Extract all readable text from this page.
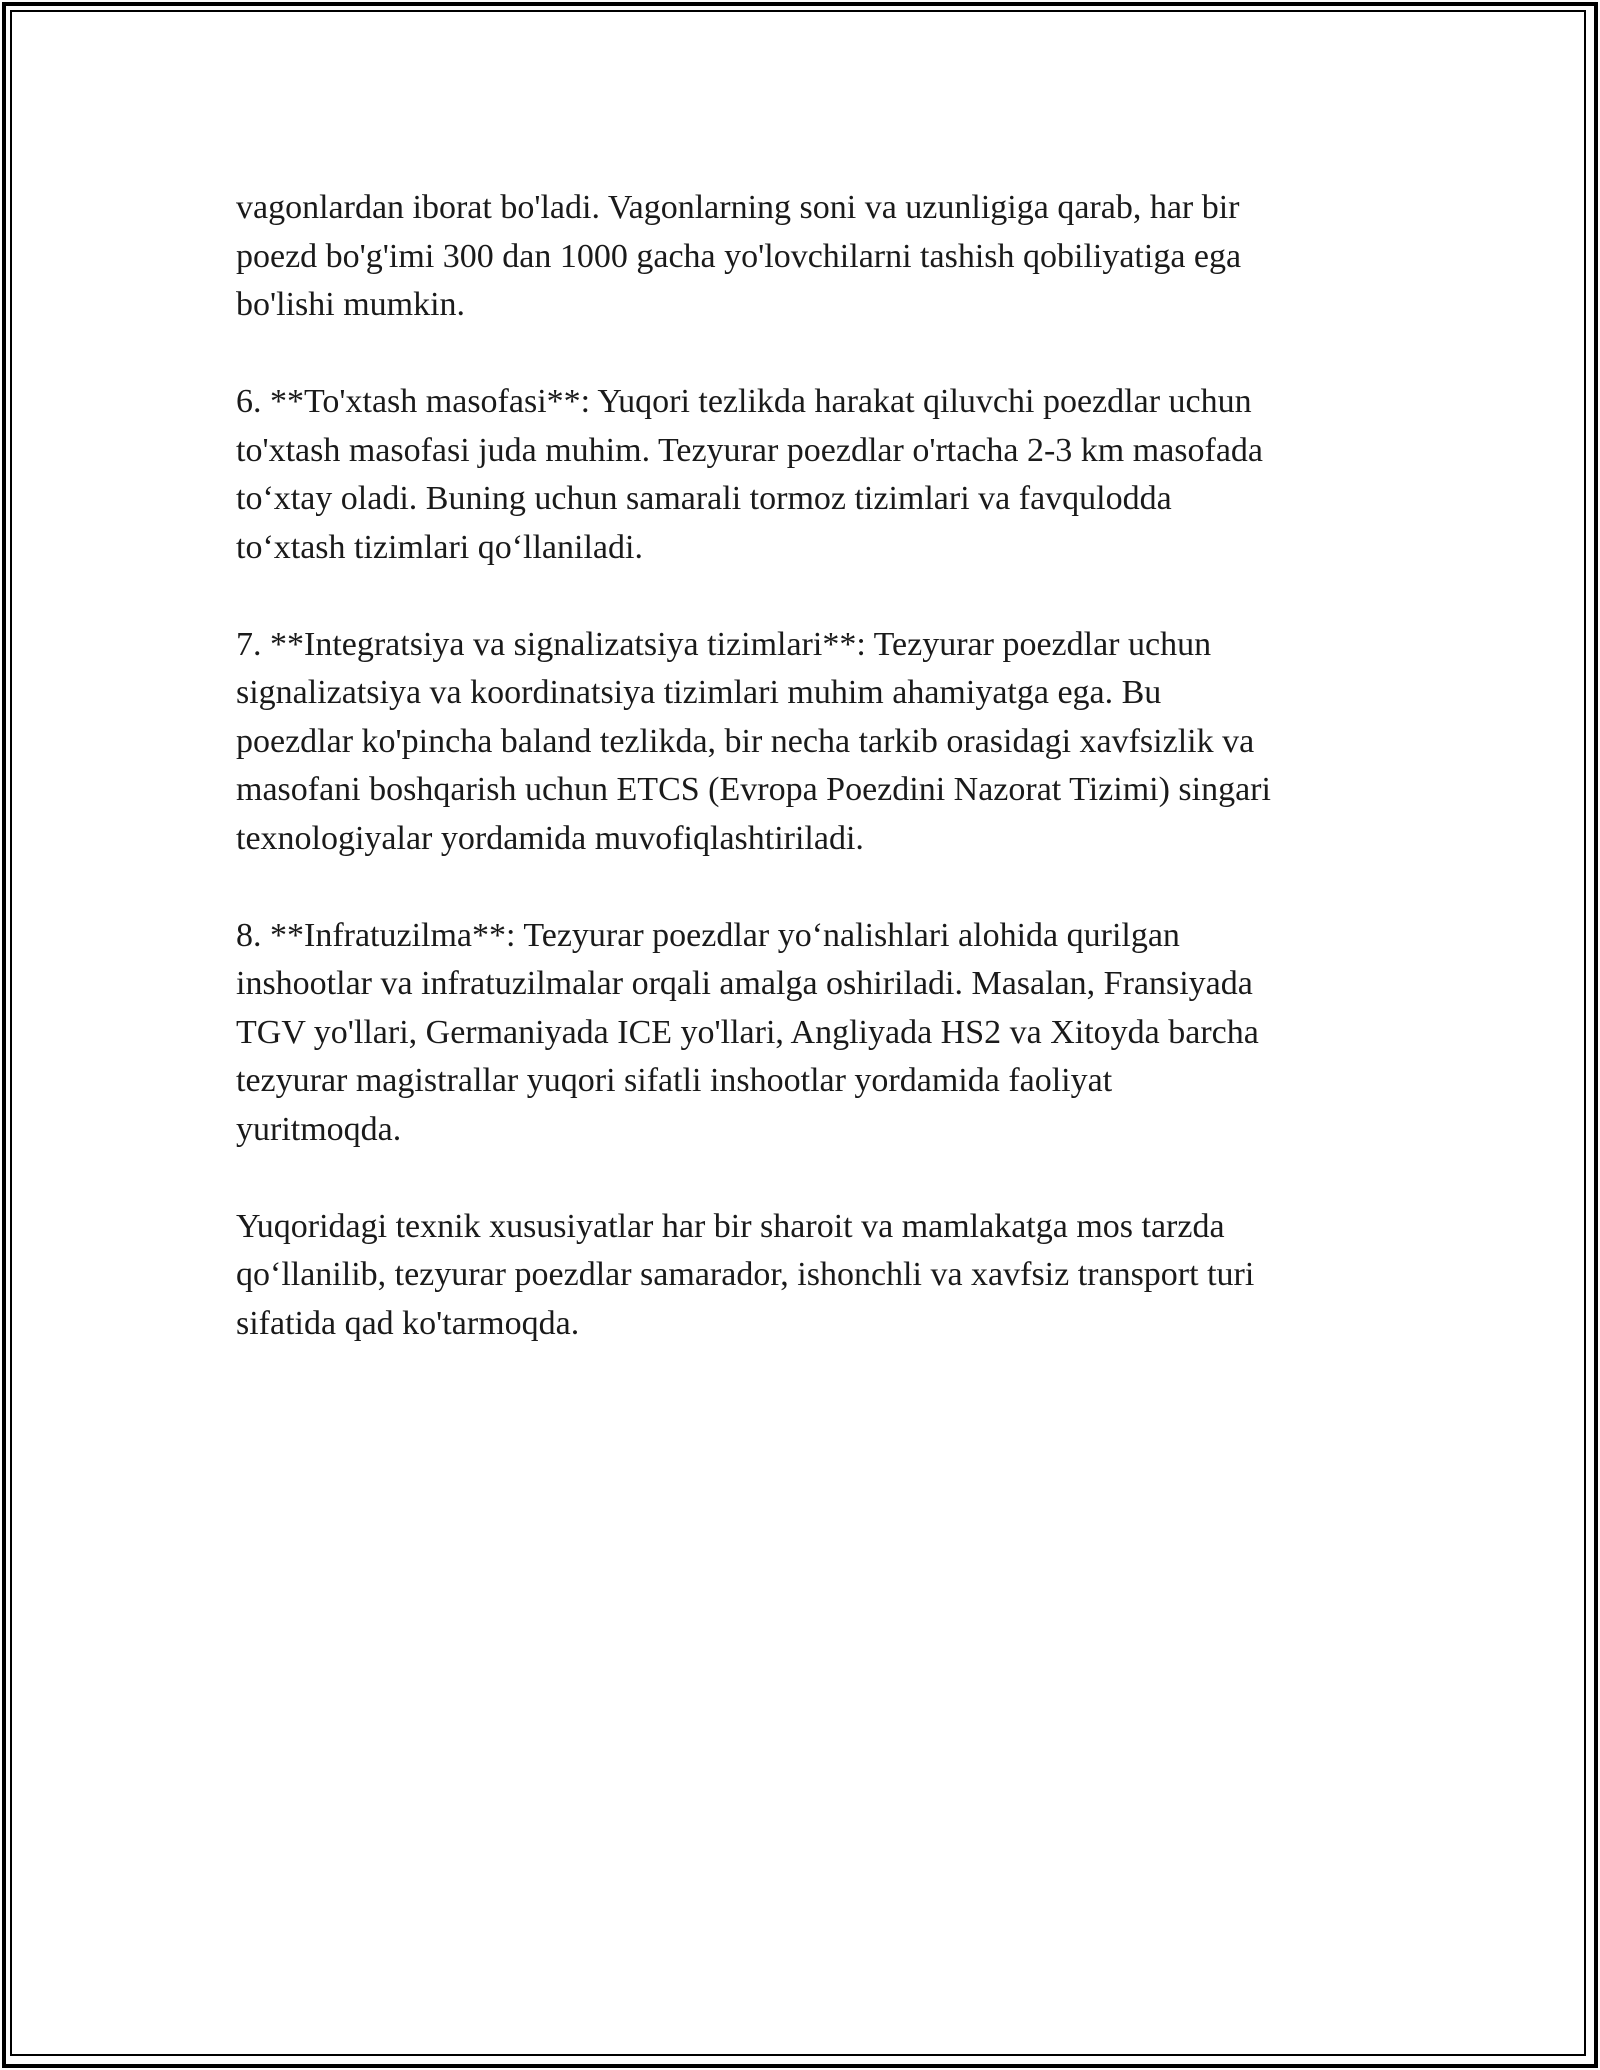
vagonlardan iborat bo'ladi. Vagonlarning soni va uzunligiga qarab, har bir
poezd bo'g'imi 300 dan 1000 gacha yo'lovchilarni tashish qobiliyatiga ega
bo'lishi mumkin.

6. **To'xtash masofasi**: Yuqori tezlikda harakat qiluvchi poezdlar uchun
to'xtash masofasi juda muhim. Tezyurar poezdlar o'rtacha 2-3 km masofada
to‘xtay oladi. Buning uchun samarali tormoz tizimlari va favqulodda
to‘xtash tizimlari qo‘llaniladi.

7. **Integratsiya va signalizatsiya tizimlari**: Tezyurar poezdlar uchun
signalizatsiya va koordinatsiya tizimlari muhim ahamiyatga ega. Bu
poezdlar ko'pincha baland tezlikda, bir necha tarkib orasidagi xavfsizlik va
masofani boshqarish uchun ETCS (Evropa Poezdini Nazorat Tizimi) singari
texnologiyalar yordamida muvofiqlashtiriladi.

8. **Infratuzilma**: Tezyurar poezdlar yo‘nalishlari alohida qurilgan
inshootlar va infratuzilmalar orqali amalga oshiriladi. Masalan, Fransiyada
TGV yo'llari, Germaniyada ICE yo'llari, Angliyada HS2 va Xitoyda barcha
tezyurar magistrallar yuqori sifatli inshootlar yordamida faoliyat
yuritmoqda.

Yuqoridagi texnik xususiyatlar har bir sharoit va mamlakatga mos tarzda
qo‘llanilib, tezyurar poezdlar samarador, ishonchli va xavfsiz transport turi
sifatida qad ko'tarmoqda.
